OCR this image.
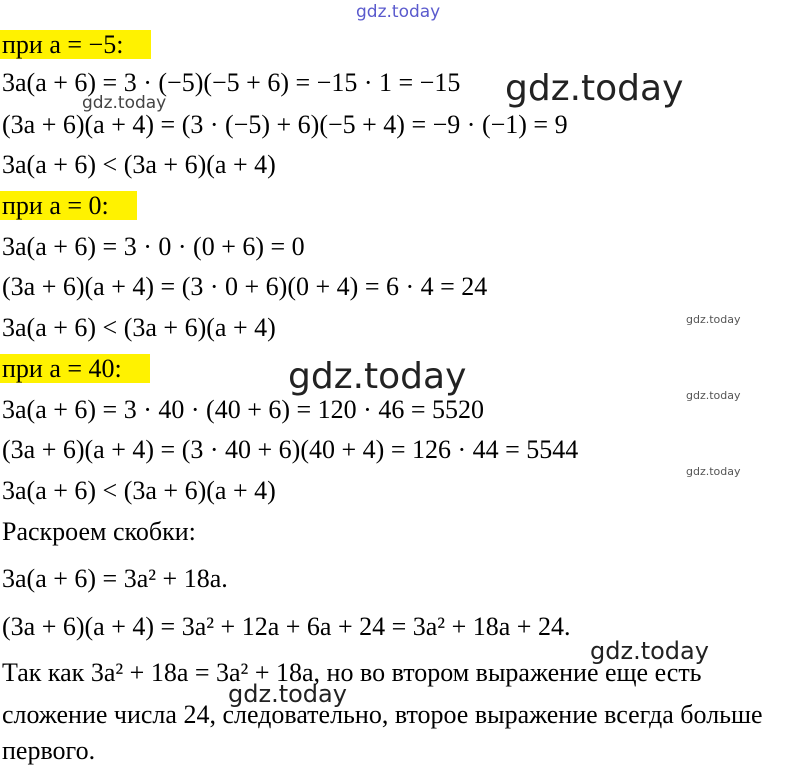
gdz.today
gdz.today
gdz.today
gdz.today
gdz.today	gdz.today
gdz.today
gdz.today
gdz.today
при a = −5:
3a(a + 6) = 3 · (−5)(−5 + 6) = −15 · 1 = −15
(3a + 6)(a + 4) = (3 · (−5) + 6)(−5 + 4) = −9 · (−1) = 9
3a(a + 6) < (3a + 6)(a + 4)
при a = 0:
3a(a + 6) = 3 · 0 · (0 + 6) = 0
(3a + 6)(a + 4) = (3 · 0 + 6)(0 + 4) = 6 · 4 = 24
3a(a + 6) < (3a + 6)(a + 4)
при a = 40:
3a(a + 6) = 3 · 40 · (40 + 6) = 120 · 46 = 5520
(3a + 6)(a + 4) = (3 · 40 + 6)(40 + 4) = 126 · 44 = 5544
3a(a + 6) < (3a + 6)(a + 4)
Раскроем скобки:
3a(a + 6) = 3a² + 18a.
(3a + 6)(a + 4) = 3a² + 12a + 6a + 24 = 3a² + 18a + 24.
Так как 3a² + 18a = 3a² + 18a, но во втором выражение еще есть
сложение числа 24, следовательно, второе выражение всегда больше
первого.
